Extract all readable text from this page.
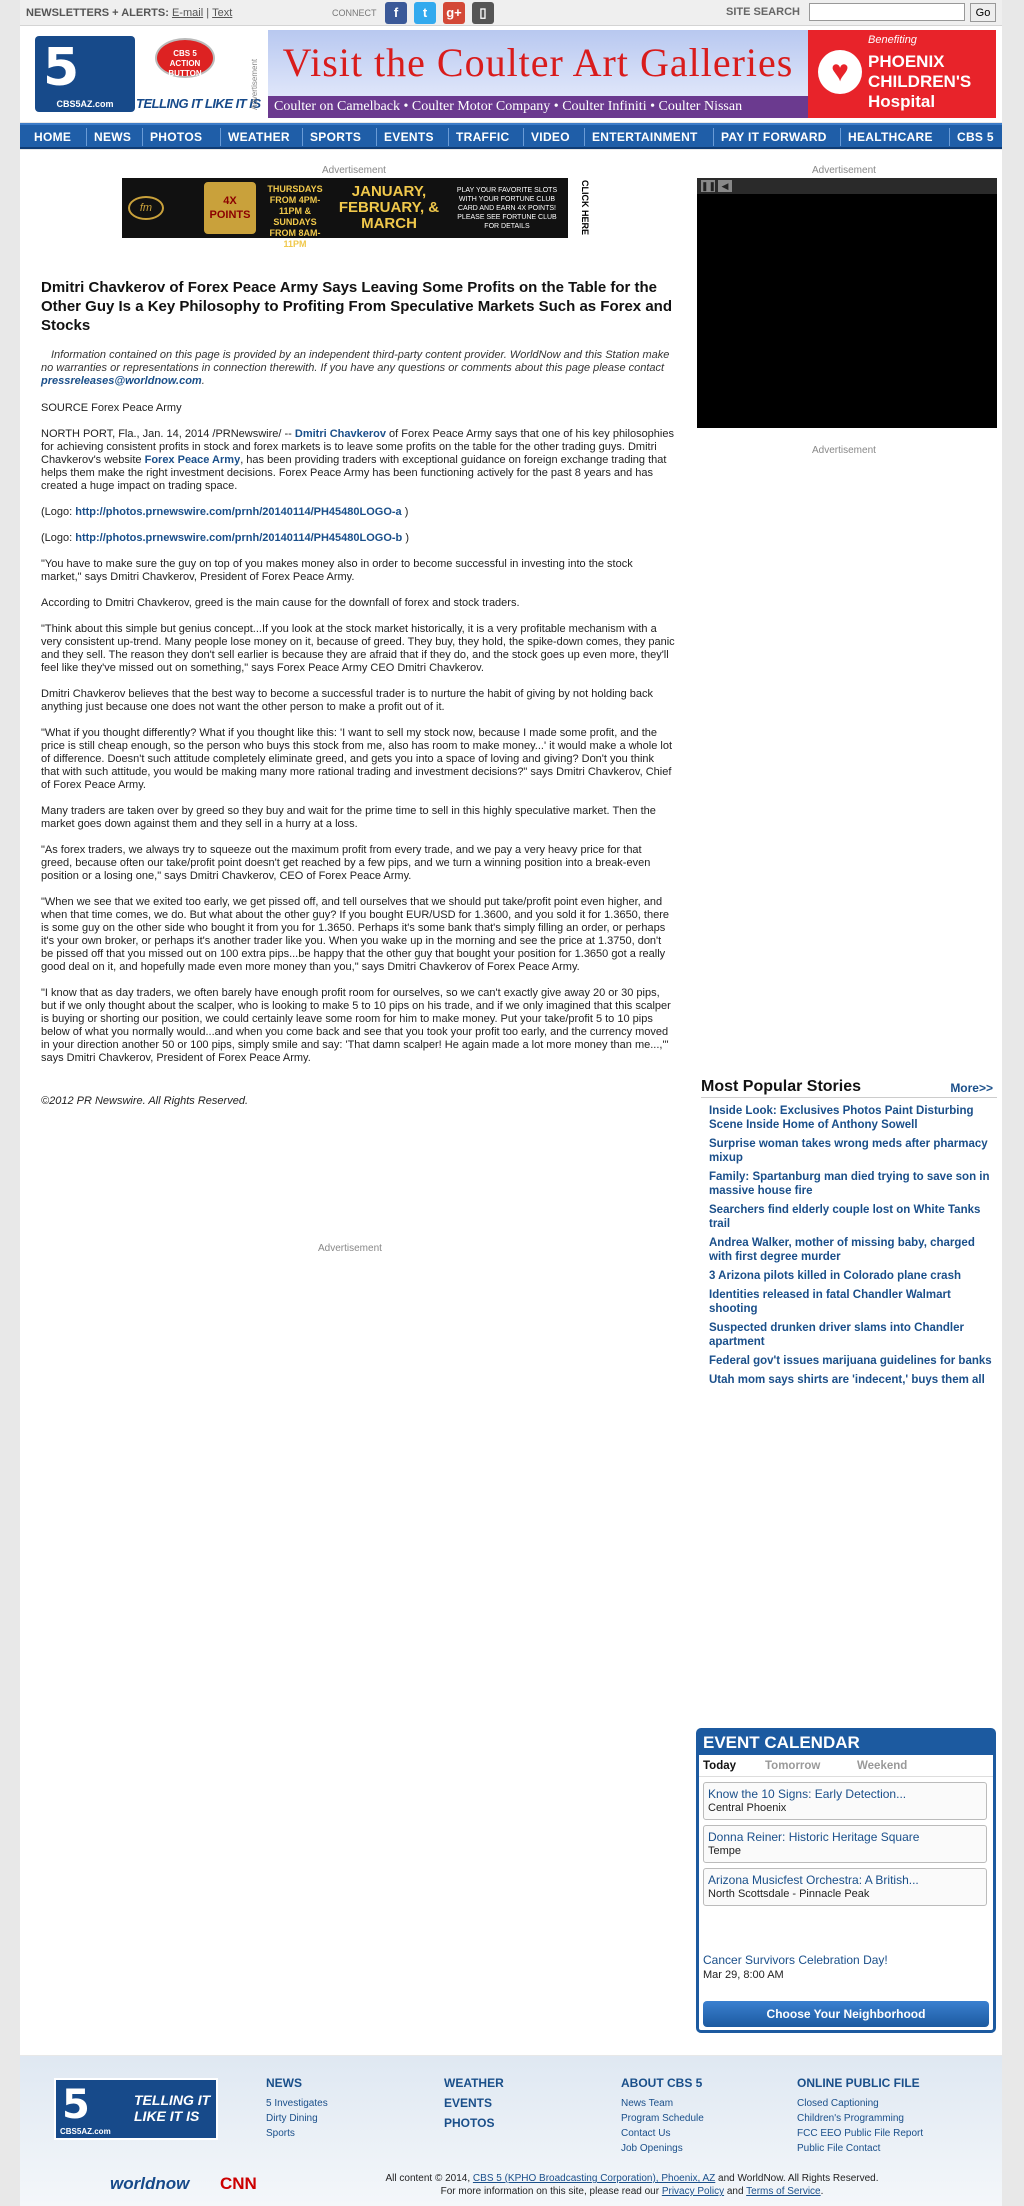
NEWSLETTERS + ALERTS: E-mail | Text	CONNECT	f	t	g+	▯	SITE SEARCH	Go
5
CBS5AZ.com
CBS 5 ACTION BUTTON
TELLING IT LIKE IT IS
Advertisement Visit the Coulter Art Galleries
Coulter on Camelback • Coulter Motor Company • Coulter Infiniti • Coulter Nissan
Benefiting
♥	PHOENIX CHILDREN'S Hospital
HOME NEWS PHOTOS WEATHER SPORTS EVENTS TRAFFIC VIDEO ENTERTAINMENT PAY IT FORWARD HEALTHCARE CBS 5
Advertisement
fm
4X POINTS
THURSDAYS FROM 4PM-11PM & SUNDAYS FROM 8AM-11PM
JANUARY, FEBRUARY, & MARCH
PLAY YOUR FAVORITE SLOTS WITH YOUR FORTUNE CLUB CARD AND EARN 4X POINTS! PLEASE SEE FORTUNE CLUB FOR DETAILS	CLICK HERE
Dmitri Chavkerov of Forex Peace Army Says Leaving Some Profits on the Table for the Other Guy Is a Key Philosophy to Profiting From Speculative Markets Such as Forex and Stocks
Information contained on this page is provided by an independent third-party content provider. WorldNow and this Station make no warranties or representations in connection therewith. If you have any questions or comments about this page please contact pressreleases@worldnow.com.

SOURCE Forex Peace Army

NORTH PORT, Fla., Jan. 14, 2014 /PRNewswire/ -- Dmitri Chavkerov of Forex Peace Army says that one of his key philosophies for achieving consistent profits in stock and forex markets is to leave some profits on the table for the other trading guys. Dmitri Chavkerov's website Forex Peace Army, has been providing traders with exceptional guidance on foreign exchange trading that helps them make the right investment decisions. Forex Peace Army has been functioning actively for the past 8 years and has created a huge impact on trading space.

(Logo: http://photos.prnewswire.com/prnh/20140114/PH45480LOGO-a )

(Logo: http://photos.prnewswire.com/prnh/20140114/PH45480LOGO-b )

"You have to make sure the guy on top of you makes money also in order to become successful in investing into the stock market," says Dmitri Chavkerov, President of Forex Peace Army.

According to Dmitri Chavkerov, greed is the main cause for the downfall of forex and stock traders.

"Think about this simple but genius concept...If you look at the stock market historically, it is a very profitable mechanism with a very consistent up-trend. Many people lose money on it, because of greed. They buy, they hold, the spike-down comes, they panic and they sell. The reason they don't sell earlier is because they are afraid that if they do, and the stock goes up even more, they'll feel like they've missed out on something," says Forex Peace Army CEO Dmitri Chavkerov.

Dmitri Chavkerov believes that the best way to become a successful trader is to nurture the habit of giving by not holding back anything just because one does not want the other person to make a profit out of it.

"What if you thought differently? What if you thought like this: 'I want to sell my stock now, because I made some profit, and the price is still cheap enough, so the person who buys this stock from me, also has room to make money...' it would make a whole lot of difference. Doesn't such attitude completely eliminate greed, and gets you into a space of loving and giving? Don't you think that with such attitude, you would be making many more rational trading and investment decisions?" says Dmitri Chavkerov, Chief of Forex Peace Army.

Many traders are taken over by greed so they buy and wait for the prime time to sell in this highly speculative market. Then the market goes down against them and they sell in a hurry at a loss.

"As forex traders, we always try to squeeze out the maximum profit from every trade, and we pay a very heavy price for that greed, because often our take/profit point doesn't get reached by a few pips, and we turn a winning position into a break-even position or a losing one," says Dmitri Chavkerov, CEO of Forex Peace Army.

"When we see that we exited too early, we get pissed off, and tell ourselves that we should put take/profit point even higher, and when that time comes, we do. But what about the other guy? If you bought EUR/USD for 1.3600, and you sold it for 1.3650, there is some guy on the other side who bought it from you for 1.3650. Perhaps it's some bank that's simply filling an order, or perhaps it's your own broker, or perhaps it's another trader like you. When you wake up in the morning and see the price at 1.3750, don't be pissed off that you missed out on 100 extra pips...be happy that the other guy that bought your position for 1.3650 got a really good deal on it, and hopefully made even more money than you," says Dmitri Chavkerov of Forex Peace Army.

"I know that as day traders, we often barely have enough profit room for ourselves, so we can't exactly give away 20 or 30 pips, but if we only thought about the scalper, who is looking to make 5 to 10 pips on his trade, and if we only imagined that this scalper is buying or shorting our position, we could certainly leave some room for him to make money. Put your take/profit 5 to 10 pips below of what you normally would...and when you come back and see that you took your profit too early, and the currency moved in your direction another 50 or 100 pips, simply smile and say: 'That damn scalper! He again made a lot more money than me...,'" says Dmitri Chavkerov, President of Forex Peace Army.

©2012 PR Newswire. All Rights Reserved.

Advertisement
Advertisement
❚❚ ◀
Advertisement
Most Popular Stories	More>>
Inside Look: Exclusives Photos Paint Disturbing Scene Inside Home of Anthony Sowell
Surprise woman takes wrong meds after pharmacy mixup
Family: Spartanburg man died trying to save son in massive house fire
Searchers find elderly couple lost on White Tanks trail
Andrea Walker, mother of missing baby, charged with first degree murder
3 Arizona pilots killed in Colorado plane crash
Identities released in fatal Chandler Walmart shooting
Suspected drunken driver slams into Chandler apartment
Federal gov't issues marijuana guidelines for banks
Utah mom says shirts are 'indecent,' buys them all
EVENT CALENDAR
Today	Tomorrow	Weekend
Know the 10 Signs: Early Detection...
Central Phoenix
Donna Reiner: Historic Heritage Square
Tempe
Arizona Musicfest Orchestra: A British...
North Scottsdale - Pinnacle Peak
Cancer Survivors Celebration Day!
Mar 29, 8:00 AM
Choose Your Neighborhood
5
CBS5AZ.com
TELLING IT LIKE IT IS
NEWS
5 Investigates
Dirty Dining
Sports
WEATHER
EVENTS
PHOTOS
ABOUT CBS 5
News Team
Program Schedule
Contact Us
Job Openings
ONLINE PUBLIC FILE
Closed Captioning
Children's Programming
FCC EEO Public File Report
Public File Contact
worldnow CNN	All content © 2014, CBS 5 (KPHO Broadcasting Corporation), Phoenix, AZ and WorldNow. All Rights Reserved.
For more information on this site, please read our Privacy Policy and Terms of Service.
